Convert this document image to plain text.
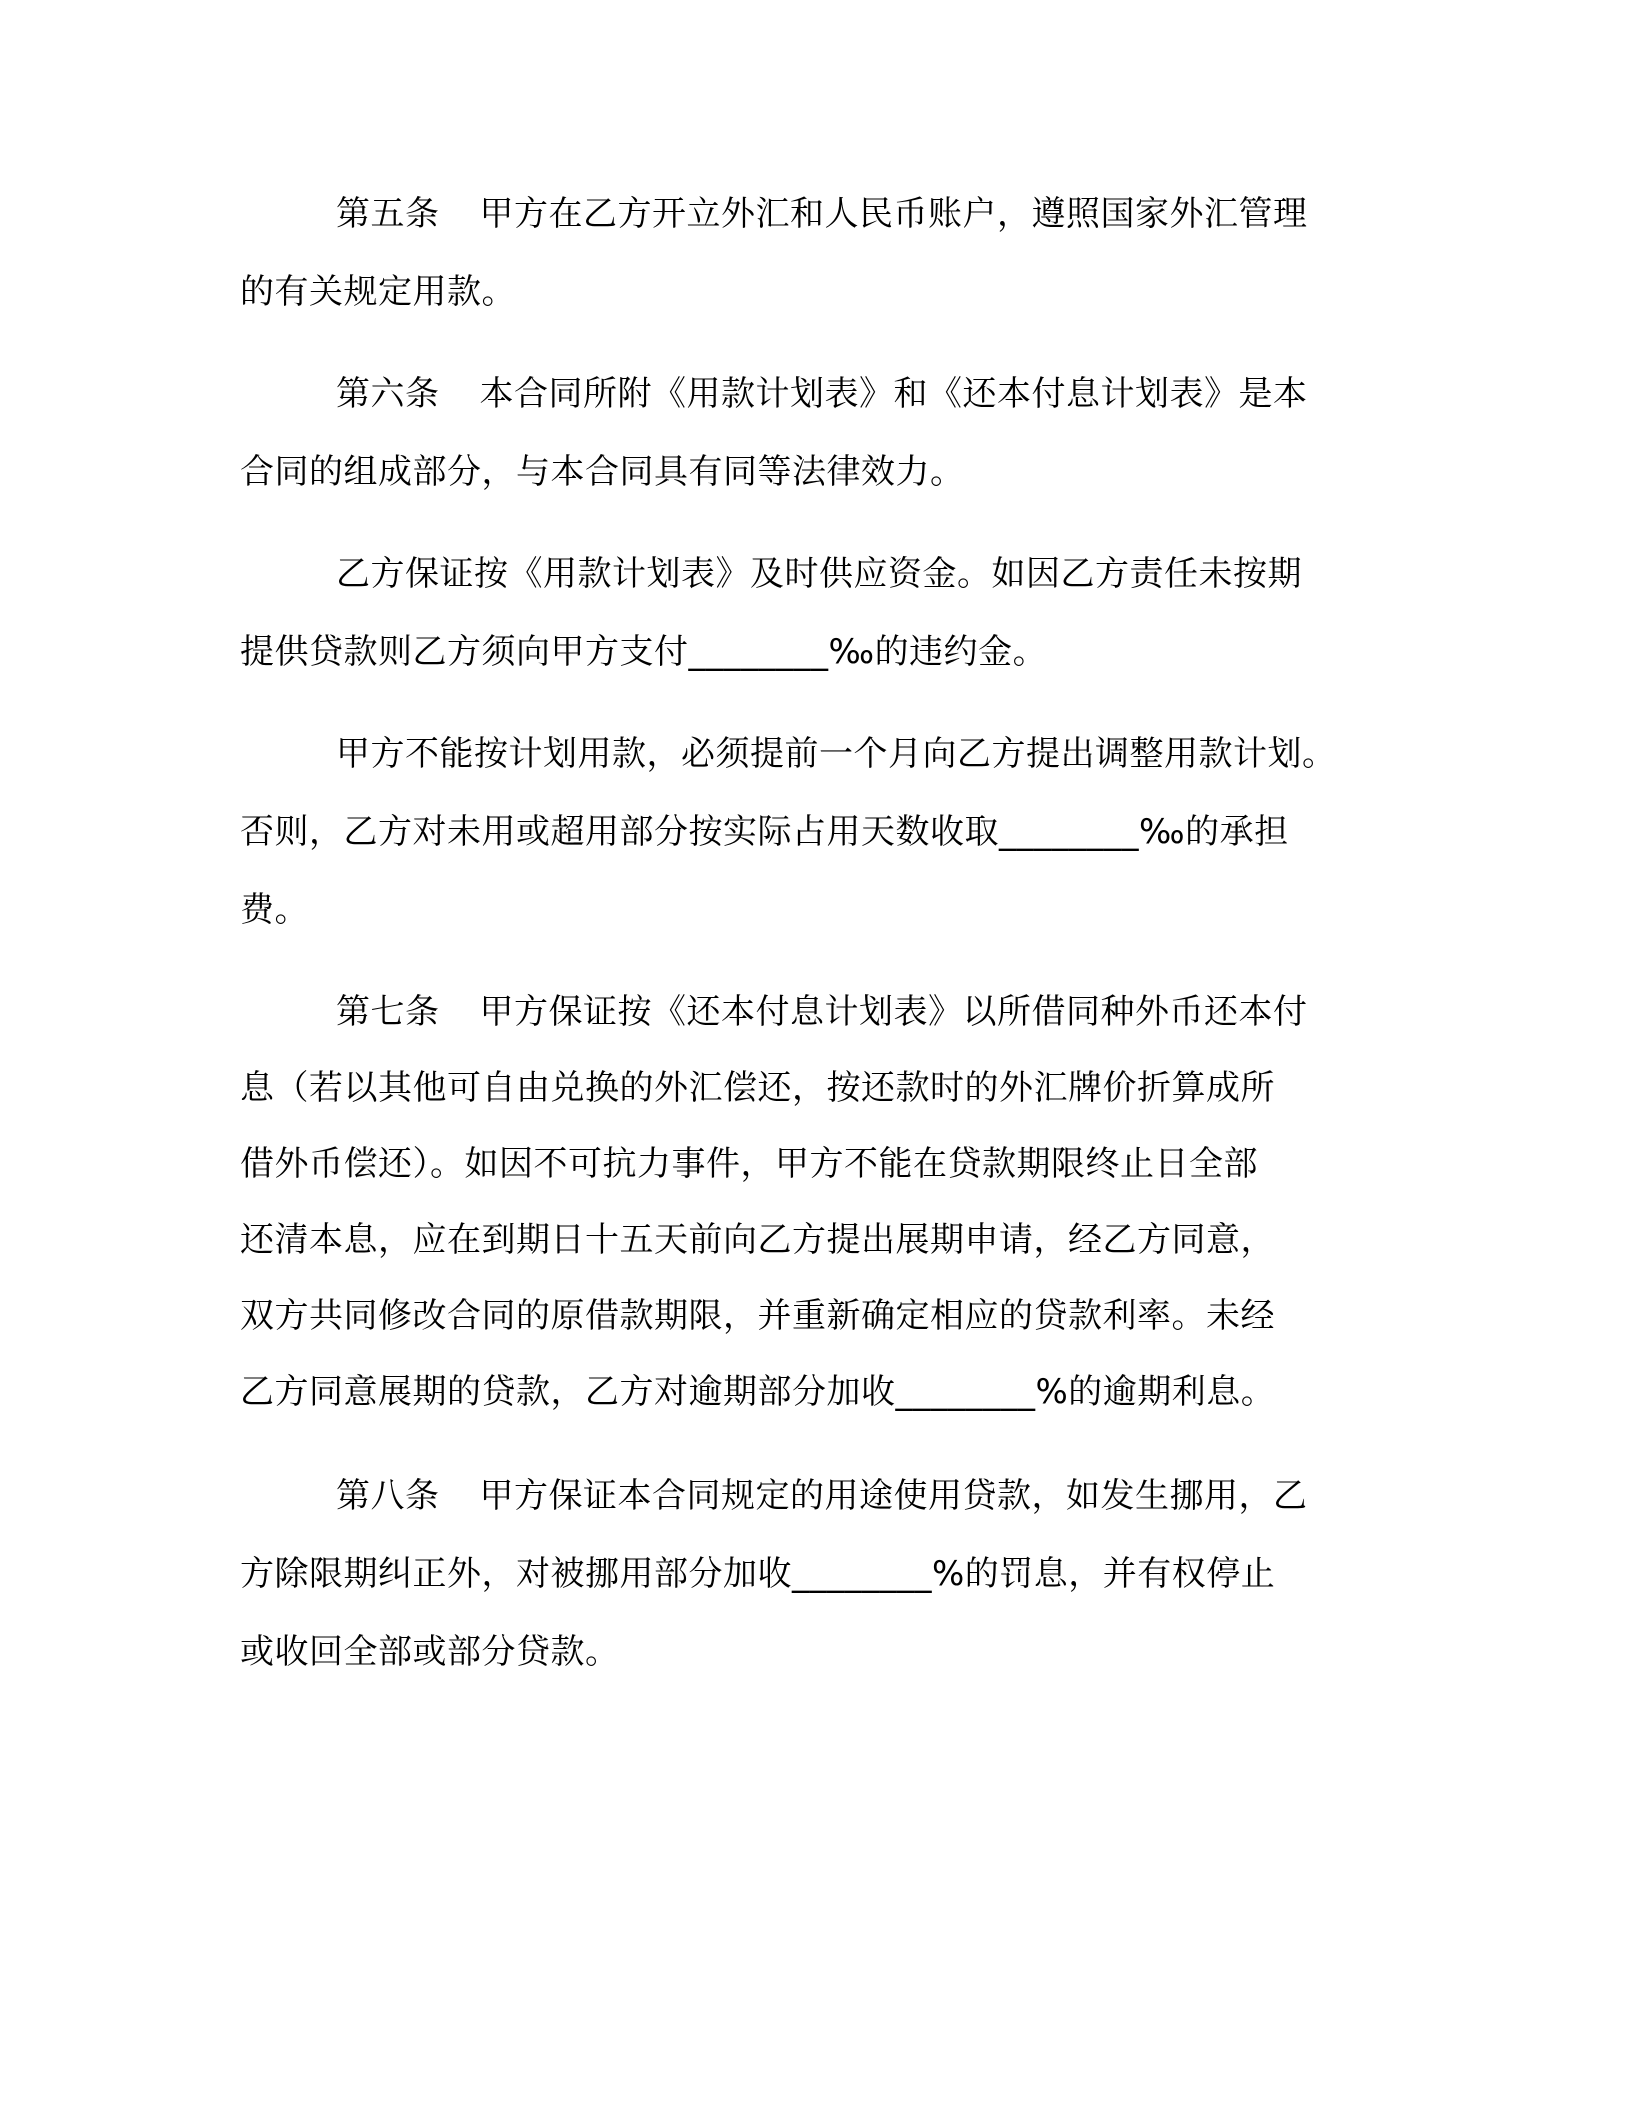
第五条 甲方在乙方开立外汇和人民币账户，遵照国家外汇管理
的有关规定用款。
第六条 本合同所附《用款计划表》和《还本付息计划表》是本
合同的组成部分，与本合同具有同等法律效力。
乙方保证按《用款计划表》及时供应资金。如因乙方责任未按期
提供贷款则乙方须向甲方支付________‰的违约金。
甲方不能按计划用款，必须提前一个月向乙方提出调整用款计划。
否则，乙方对未用或超用部分按实际占用天数收取________‰的承担
费。
第七条 甲方保证按《还本付息计划表》以所借同种外币还本付
息（若以其他可自由兑换的外汇偿还，按还款时的外汇牌价折算成所
借外币偿还）。如因不可抗力事件，甲方不能在贷款期限终止日全部
还清本息，应在到期日十五天前向乙方提出展期申请，经乙方同意，
双方共同修改合同的原借款期限，并重新确定相应的贷款利率。未经
乙方同意展期的贷款，乙方对逾期部分加收________%的逾期利息。
第八条 甲方保证本合同规定的用途使用贷款，如发生挪用，乙
方除限期纠正外，对被挪用部分加收________%的罚息，并有权停止
或收回全部或部分贷款。
